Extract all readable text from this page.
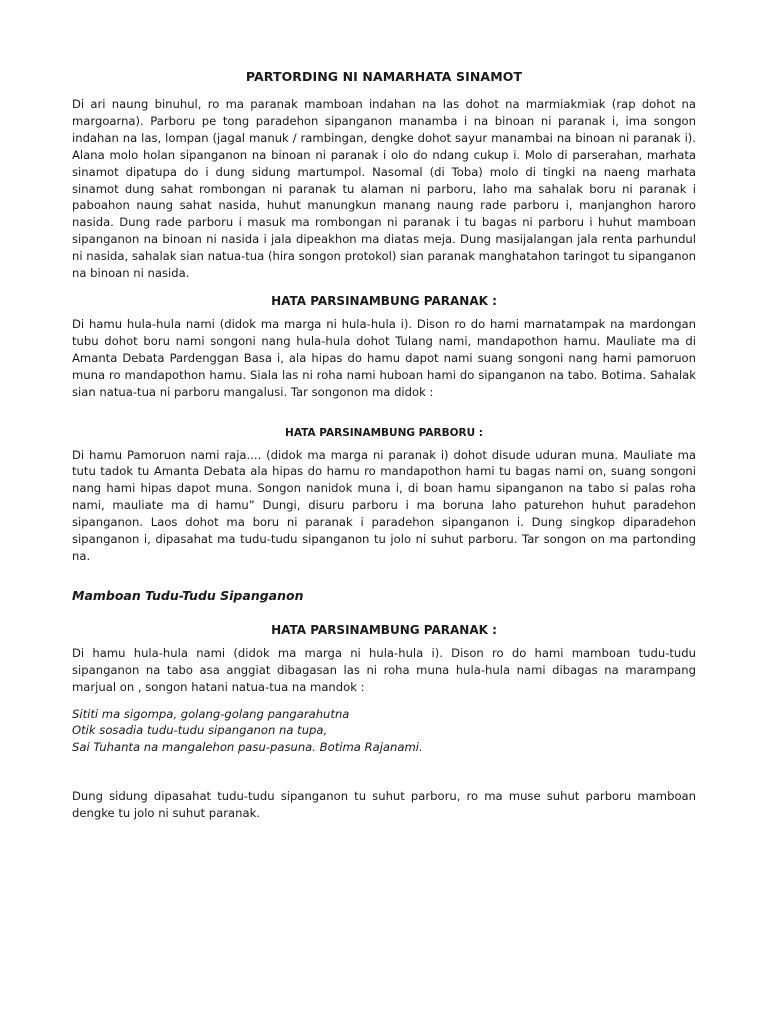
PARTORDING NI NAMARHATA SINAMOT

Di ari naung binuhul, ro ma paranak mamboan indahan na las dohot na marmiakmiak (rap dohot na margoarna). Parboru pe tong paradehon sipanganon manamba i na binoan ni paranak i, ima songon indahan na las, lompan (jagal manuk / rambingan, dengke dohot sayur manambai na binoan ni paranak i). Alana molo holan sipanganon na binoan ni paranak i olo do ndang cukup i. Molo di parserahan, marhata sinamot dipatupa do i dung sidung martumpol. Nasomal (di Toba) molo di tingki na naeng marhata sinamot dung sahat rombongan ni paranak tu alaman ni parboru, laho ma sahalak boru ni paranak i paboahon naung sahat nasida, huhut manungkun manang naung rade parboru i, manjanghon haroro nasida. Dung rade parboru i masuk ma rombongan ni paranak i tu bagas ni parboru i huhut mamboan sipanganon na binoan ni nasida i jala dipeakhon ma diatas meja. Dung masijalangan jala renta parhundul ni nasida, sahalak sian natua-tua (hira songon protokol) sian paranak manghatahon taringot tu sipanganon na binoan ni nasida.

HATA PARSINAMBUNG PARANAK :

Di hamu hula-hula nami (didok ma marga ni hula-hula i). Dison ro do hami marnatampak na mardongan tubu dohot boru nami songoni nang hula-hula dohot Tulang nami, mandapothon hamu. Mauliate ma di Amanta Debata Pardenggan Basa i, ala hipas do hamu dapot nami suang songoni nang hami pamoruon muna ro mandapothon hamu. Siala las ni roha nami huboan hami do sipanganon na tabo. Botima. Sahalak sian natua-tua ni parboru mangalusi. Tar songonon ma didok :

HATA PARSINAMBUNG PARBORU :

Di hamu Pamoruon nami raja.... (didok ma marga ni paranak i) dohot disude uduran muna. Mauliate ma tutu tadok tu Amanta Debata ala hipas do hamu ro mandapothon hami tu bagas nami on, suang songoni nang hami hipas dapot muna. Songon nanidok muna i, di boan hamu sipanganon na tabo si palas roha nami, mauliate ma di hamu” Dungi, disuru parboru i ma boruna laho paturehon huhut paradehon sipanganon. Laos dohot ma boru ni paranak i paradehon sipanganon i. Dung singkop diparadehon sipanganon i, dipasahat ma tudu-tudu sipanganon tu jolo ni suhut parboru. Tar songon on ma partonding na.

Mamboan Tudu-Tudu Sipanganon
HATA PARSINAMBUNG PARANAK :

Di hamu hula-hula nami (didok ma marga ni hula-hula i). Dison ro do hami mamboan tudu-tudu sipanganon na tabo asa anggiat dibagasan las ni roha muna hula-hula nami dibagas na marampang marjual on , songon hatani natua-tua na mandok :

Sititi ma sigompa, golang-golang pangarahutna
Otik sosadia tudu-tudu sipanganon na tupa,
Sai Tuhanta na mangalehon pasu-pasuna. Botima Rajanami.

Dung sidung dipasahat tudu-tudu sipanganon tu suhut parboru, ro ma muse suhut parboru mamboan dengke tu jolo ni suhut paranak.
